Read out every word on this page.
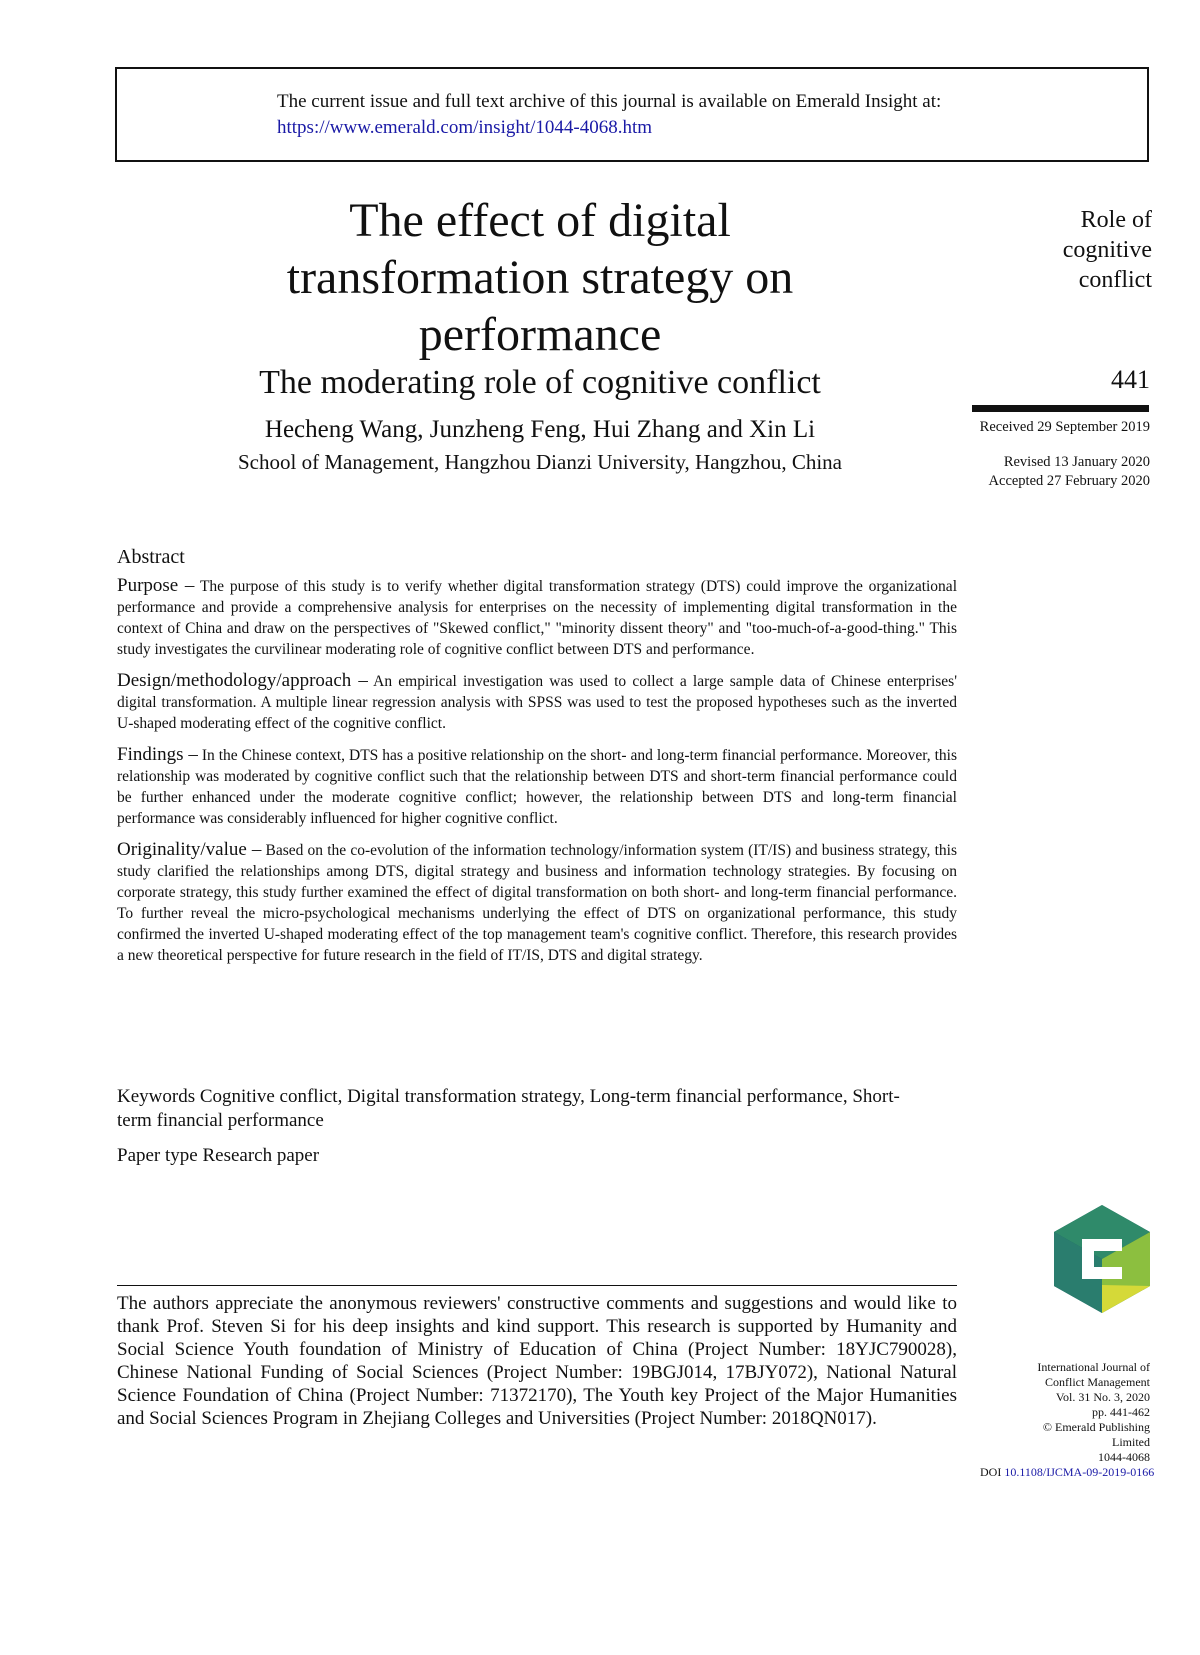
The current issue and full text archive of this journal is available on Emerald Insight at:
https://www.emerald.com/insight/1044-4068.htm
The effect of digital
transformation strategy on
performance
The moderating role of cognitive conflict
Hecheng Wang, Junzheng Feng, Hui Zhang and Xin Li
School of Management, Hangzhou Dianzi University, Hangzhou, China
Role of
cognitive
conflict
441
Received 29 September 2019
Revised 13 January 2020
Accepted 27 February 2020
Abstract

Purpose – The purpose of this study is to verify whether digital transformation strategy (DTS) could improve the organizational performance and provide a comprehensive analysis for enterprises on the necessity of implementing digital transformation in the context of China and draw on the perspectives of "Skewed conflict," "minority dissent theory" and "too-much-of-a-good-thing." This study investigates the curvilinear moderating role of cognitive conflict between DTS and performance.

Design/methodology/approach – An empirical investigation was used to collect a large sample data of Chinese enterprises' digital transformation. A multiple linear regression analysis with SPSS was used to test the proposed hypotheses such as the inverted U-shaped moderating effect of the cognitive conflict.

Findings – In the Chinese context, DTS has a positive relationship on the short- and long-term financial performance. Moreover, this relationship was moderated by cognitive conflict such that the relationship between DTS and short-term financial performance could be further enhanced under the moderate cognitive conflict; however, the relationship between DTS and long-term financial performance was considerably influenced for higher cognitive conflict.

Originality/value – Based on the co-evolution of the information technology/information system (IT/IS) and business strategy, this study clarified the relationships among DTS, digital strategy and business and information technology strategies. By focusing on corporate strategy, this study further examined the effect of digital transformation on both short- and long-term financial performance. To further reveal the micro-psychological mechanisms underlying the effect of DTS on organizational performance, this study confirmed the inverted U-shaped moderating effect of the top management team's cognitive conflict. Therefore, this research provides a new theoretical perspective for future research in the field of IT/IS, DTS and digital strategy.

Keywords Cognitive conflict, Digital transformation strategy, Long-term financial performance, Short-term financial performance
Paper type Research paper
The authors appreciate the anonymous reviewers' constructive comments and suggestions and would like to thank Prof. Steven Si for his deep insights and kind support. This research is supported by Humanity and Social Science Youth foundation of Ministry of Education of China (Project Number: 18YJC790028), Chinese National Funding of Social Sciences (Project Number: 19BGJ014, 17BJY072), National Natural Science Foundation of China (Project Number: 71372170), The Youth key Project of the Major Humanities and Social Sciences Program in Zhejiang Colleges and Universities (Project Number: 2018QN017).
International Journal of
Conflict Management
Vol. 31 No. 3, 2020
pp. 441-462
© Emerald Publishing
Limited
1044-4068
DOI 10.1108/IJCMA-09-2019-0166
